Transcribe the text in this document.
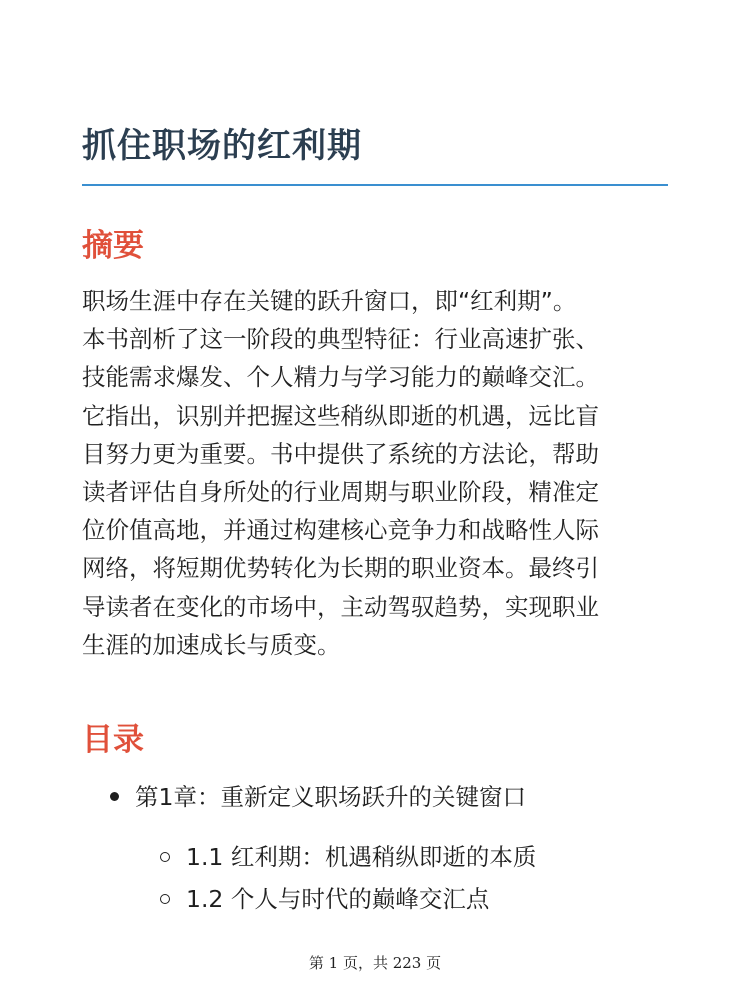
抓住职场的红利期
摘要

职场生涯中存在关键的跃升窗口，即“红利期”。
本书剖析了这一阶段的典型特征：行业高速扩张、
技能需求爆发、个人精力与学习能力的巅峰交汇。
它指出，识别并把握这些稍纵即逝的机遇，远比盲
目努力更为重要。书中提供了系统的方法论，帮助
读者评估自身所处的行业周期与职业阶段，精准定
位价值高地，并通过构建核心竞争力和战略性人际
网络，将短期优势转化为长期的职业资本。最终引
导读者在变化的市场中，主动驾驭趋势，实现职业
生涯的加速成长与质变。

目录
第1章：重新定义职场跃升的关键窗口
1.1 红利期：机遇稍纵即逝的本质
1.2 个人与时代的巅峰交汇点
第 1 页，共 223 页
